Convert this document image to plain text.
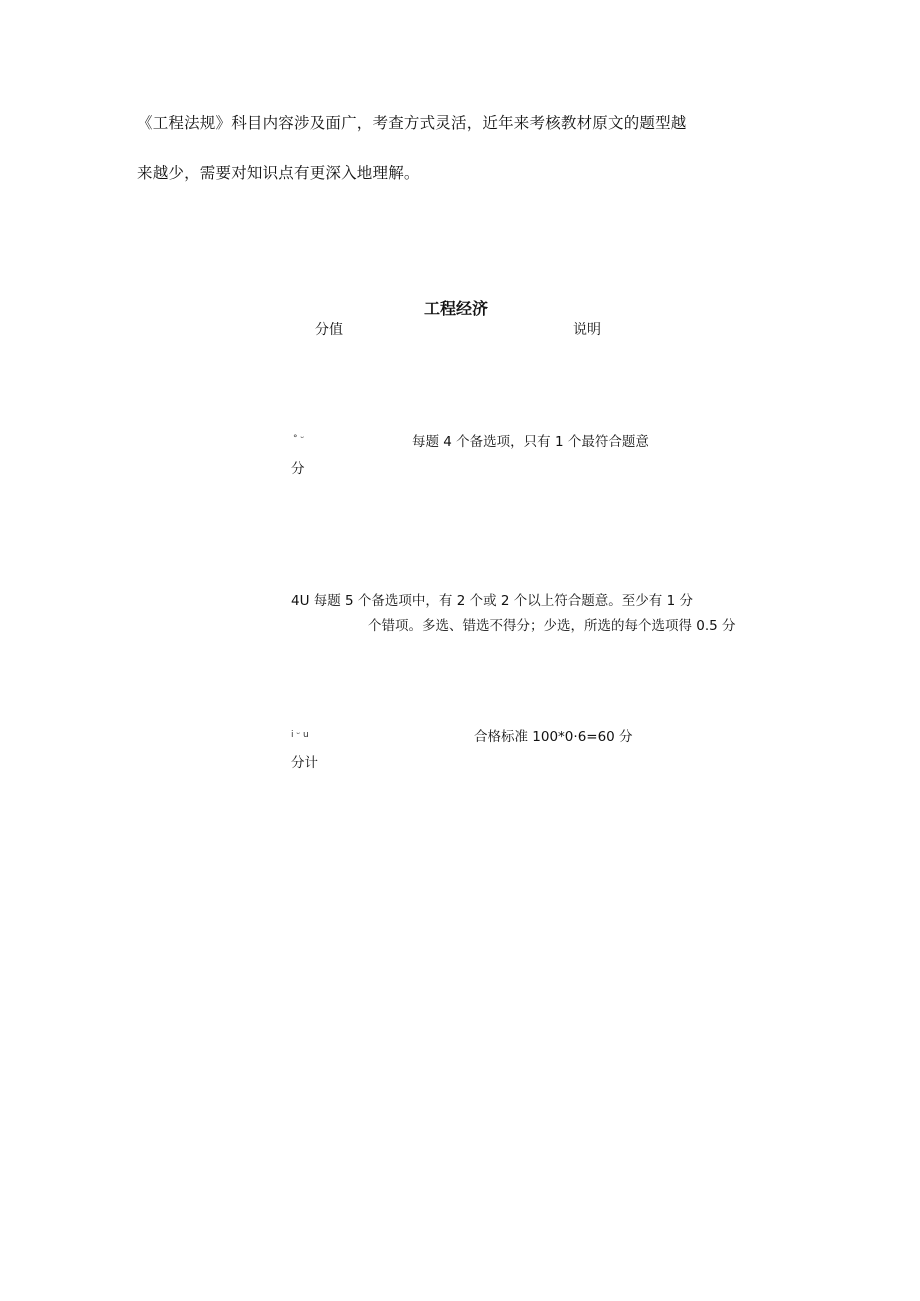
《工程法规》科目内容涉及面广，考查方式灵活，近年来考核教材原文的题型越
来越少，需要对知识点有更深入地理解。
工程经济
分值	说明
° ᵕ	每题 4 个备选项，只有 1 个最符合题意
分
4U 每题 5 个备选项中，有 2 个或 2 个以上符合题意。至少有 1 分
个错项。多选、错选不得分；少选，所选的每个选项得 0.5 分
i ᵕ u	合格标准 100*0·6=60 分
分计
